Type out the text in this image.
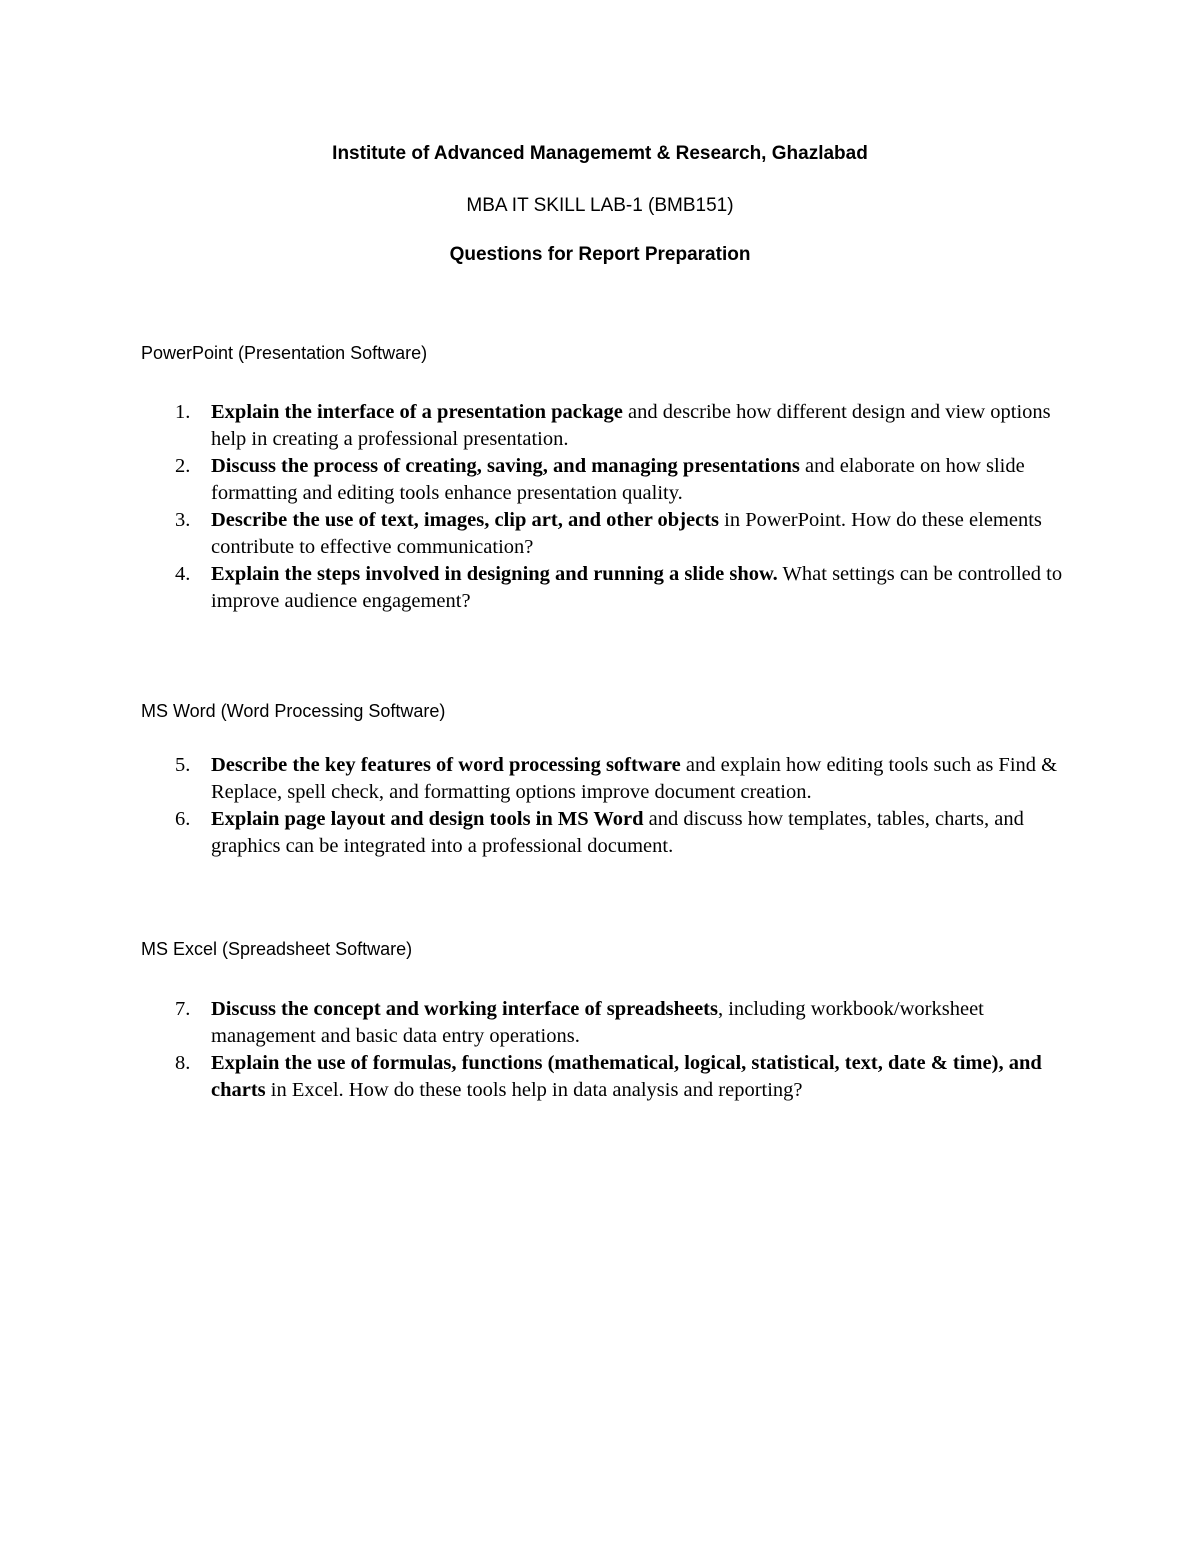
Institute of Advanced Managememt & Research, Ghazlabad
MBA IT SKILL LAB-1 (BMB151)
Questions for Report Preparation
PowerPoint (Presentation Software)
1. Explain the interface of a presentation package and describe how different design and view options help in creating a professional presentation.
2. Discuss the process of creating, saving, and managing presentations and elaborate on how slide formatting and editing tools enhance presentation quality.
3. Describe the use of text, images, clip art, and other objects in PowerPoint. How do these elements contribute to effective communication?
4. Explain the steps involved in designing and running a slide show. What settings can be controlled to improve audience engagement?
MS Word (Word Processing Software)
5. Describe the key features of word processing software and explain how editing tools such as Find & Replace, spell check, and formatting options improve document creation.
6. Explain page layout and design tools in MS Word and discuss how templates, tables, charts, and graphics can be integrated into a professional document.
MS Excel (Spreadsheet Software)
7. Discuss the concept and working interface of spreadsheets, including workbook/worksheet management and basic data entry operations.
8. Explain the use of formulas, functions (mathematical, logical, statistical, text, date & time), and charts in Excel. How do these tools help in data analysis and reporting?
